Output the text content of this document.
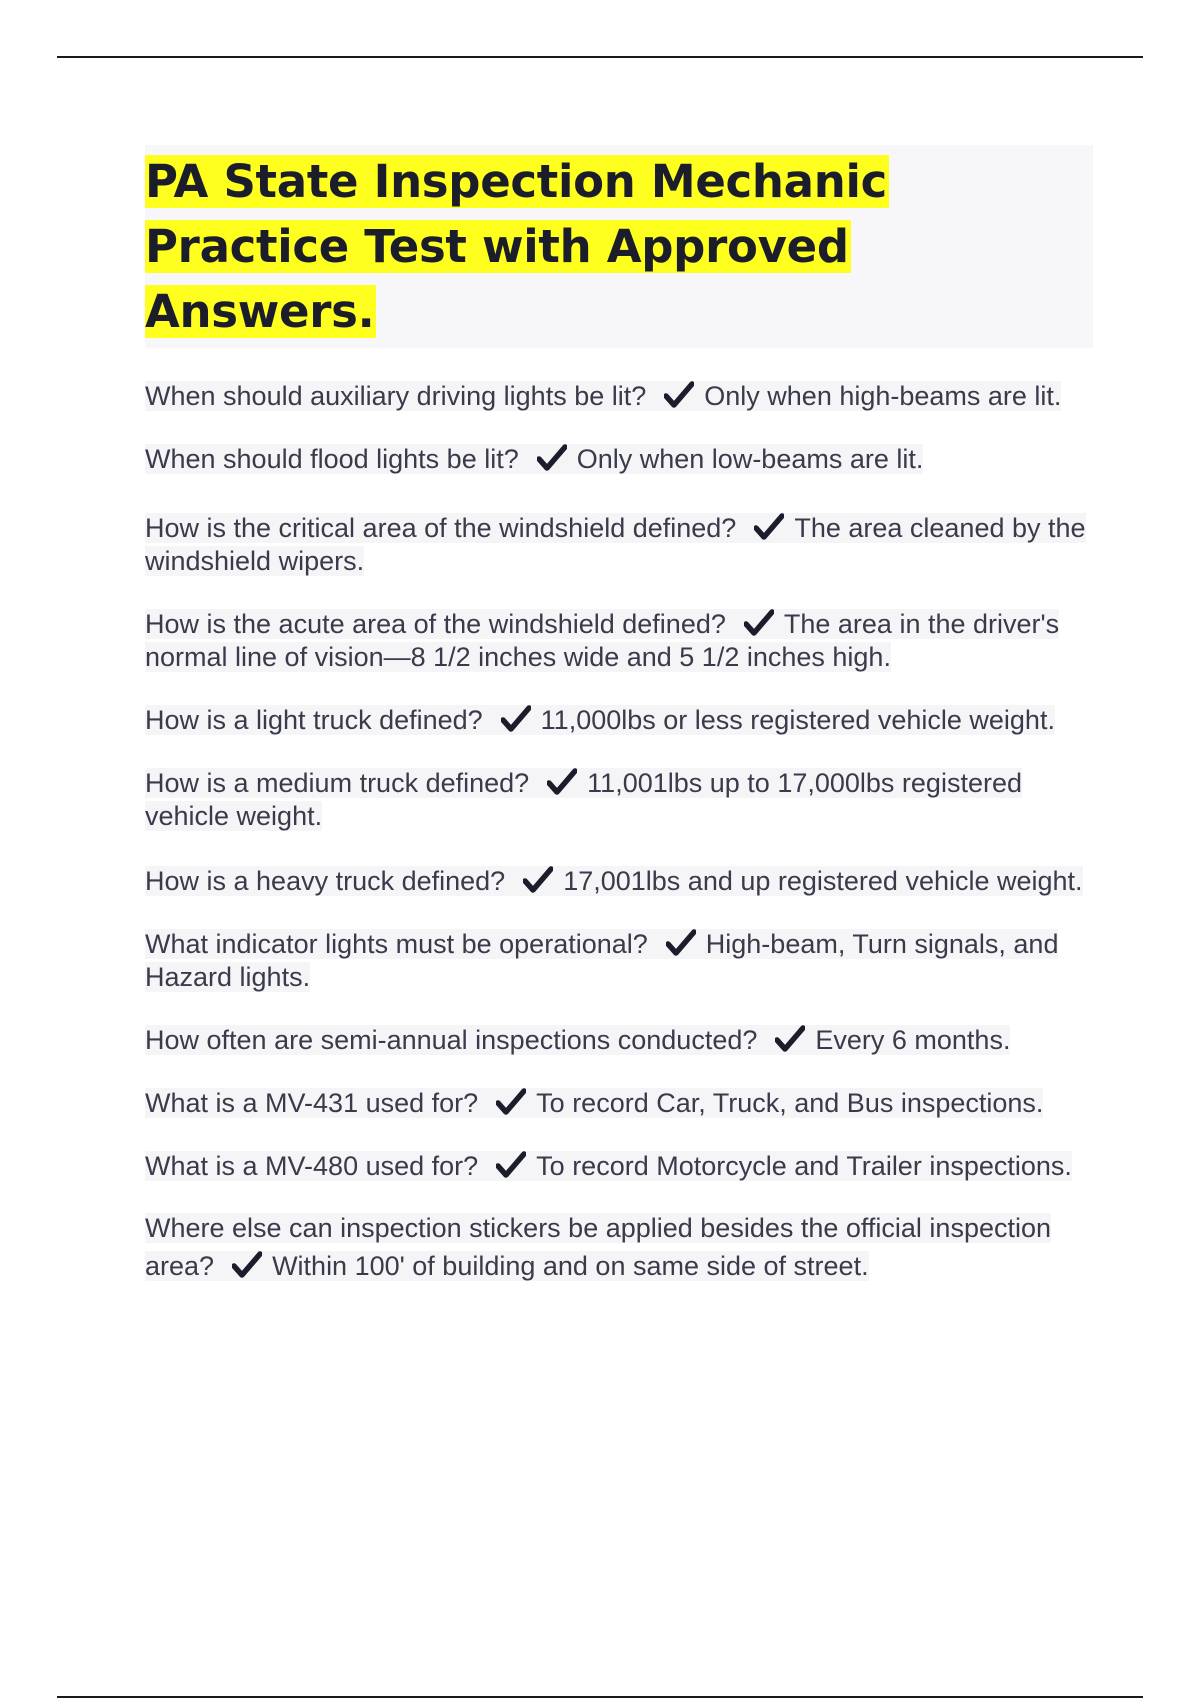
PA State Inspection Mechanic Practice Test with Approved Answers.

When should auxiliary driving lights be lit? Only when high-beams are lit.

When should flood lights be lit? Only when low-beams are lit.

How is the critical area of the windshield defined? The area cleaned by the windshield wipers.

How is the acute area of the windshield defined? The area in the driver's normal line of vision—8 1/2 inches wide and 5 1/2 inches high.

How is a light truck defined? 11,000lbs or less registered vehicle weight.

How is a medium truck defined? 11,001lbs up to 17,000lbs registered vehicle weight.

How is a heavy truck defined? 17,001lbs and up registered vehicle weight.

What indicator lights must be operational? High-beam, Turn signals, and Hazard lights.

How often are semi-annual inspections conducted? Every 6 months.

What is a MV-431 used for? To record Car, Truck, and Bus inspections.

What is a MV-480 used for? To record Motorcycle and Trailer inspections.

Where else can inspection stickers be applied besides the official inspection area? Within 100' of building and on same side of street.
